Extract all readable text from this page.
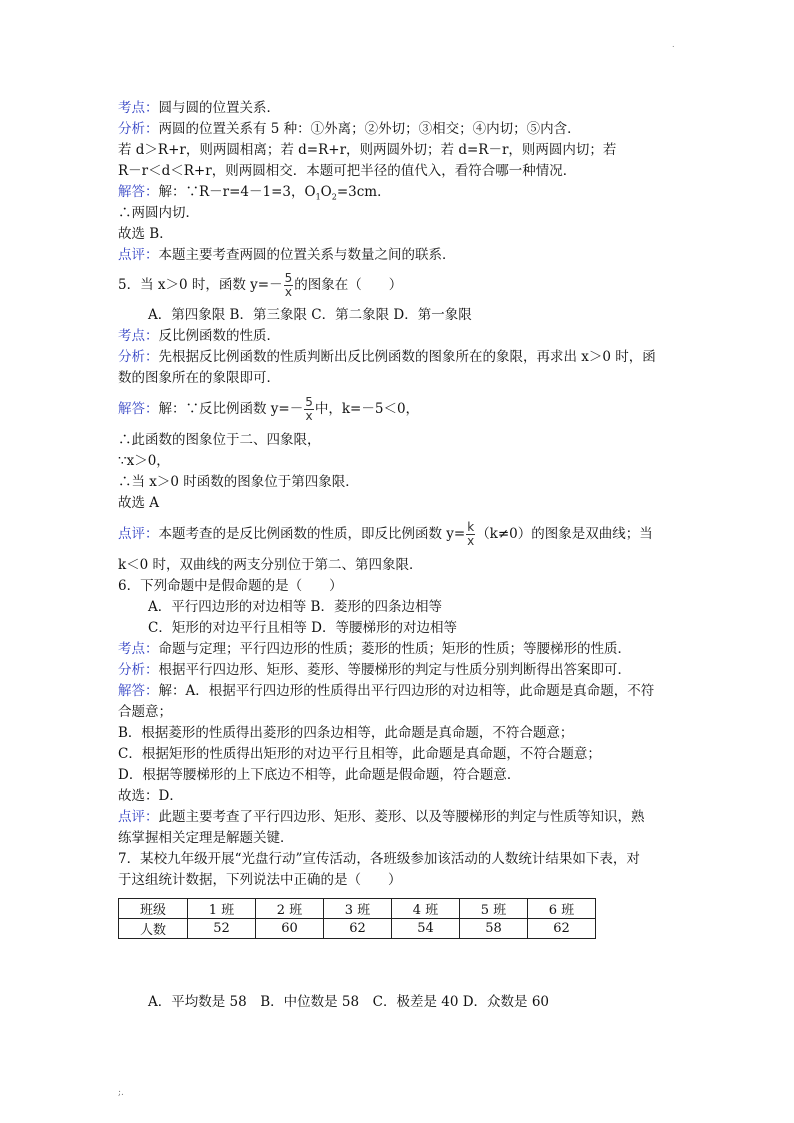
.
考点：圆与圆的位置关系．
分析：两圆的位置关系有 5 种：①外离；②外切；③相交；④内切；⑤内含．
若 d＞R+r，则两圆相离；若 d=R+r，则两圆外切；若 d=R－r，则两圆内切；若
R－r＜d＜R+r，则两圆相交．本题可把半径的值代入，看符合哪一种情况．
解答：解：∵R－r=4－1=3，$O_1O_2=3cm$．
∴两圆内切．
故选 B．
点评：本题主要考查两圆的位置关系与数量之间的联系．
5．当 x＞0 时，函数 $y=- \frac{5}{x}$ 的图象在（　　）
A．第四象限 B．第三象限 C．第二象限 D．第一象限
考点：反比例函数的性质．
分析：先根据反比例函数的性质判断出反比例函数的图象所在的象限，再求出 x＞0 时，函
数的图象所在的象限即可．
解答：解：∵反比例函数 $y=- \frac{5}{x}$ 中，k=－5＜0，
∴此函数的图象位于二、四象限，
∵x＞0，
∴当 x＞0 时函数的图象位于第四象限．
故选 A
点评：本题考查的是反比例函数的性质，即反比例函数 $y= \frac{k}{x} (k\ne 0)$的图象是双曲线；当
k＜0 时，双曲线的两支分别位于第二、第四象限．
6．下列命题中是假命题的是（　　）
A．平行四边形的对边相等 B．菱形的四条边相等
C．矩形的对边平行且相等 D．等腰梯形的对边相等
考点：命题与定理；平行四边形的性质；菱形的性质；矩形的性质；等腰梯形的性质．
分析：根据平行四边形、矩形、菱形、等腰梯形的判定与性质分别判断得出答案即可．
解答：解：A．根据平行四边形的性质得出平行四边形的对边相等，此命题是真命题，不符
合题意；
B．根据菱形的性质得出菱形的四条边相等，此命题是真命题，不符合题意；
C．根据矩形的性质得出矩形的对边平行且相等，此命题是真命题，不符合题意；
D．根据等腰梯形的上下底边不相等，此命题是假命题，符合题意．
故选：D．
点评：此题主要考查了平行四边形、矩形、菱形、以及等腰梯形的判定与性质等知识，熟
练掌握相关定理是解题关键．
7．某校九年级开展“光盘行动”宣传活动，各班级参加该活动的人数统计结果如下表，对
于这组统计数据，下列说法中正确的是（　　）
班级	1 班	2 班	3 班	4 班	5 班	6 班
人数	52	60	62	54	58	62
A．平均数是 58　B．中位数是 58　C．极差是 40 D．众数是 60
;.
